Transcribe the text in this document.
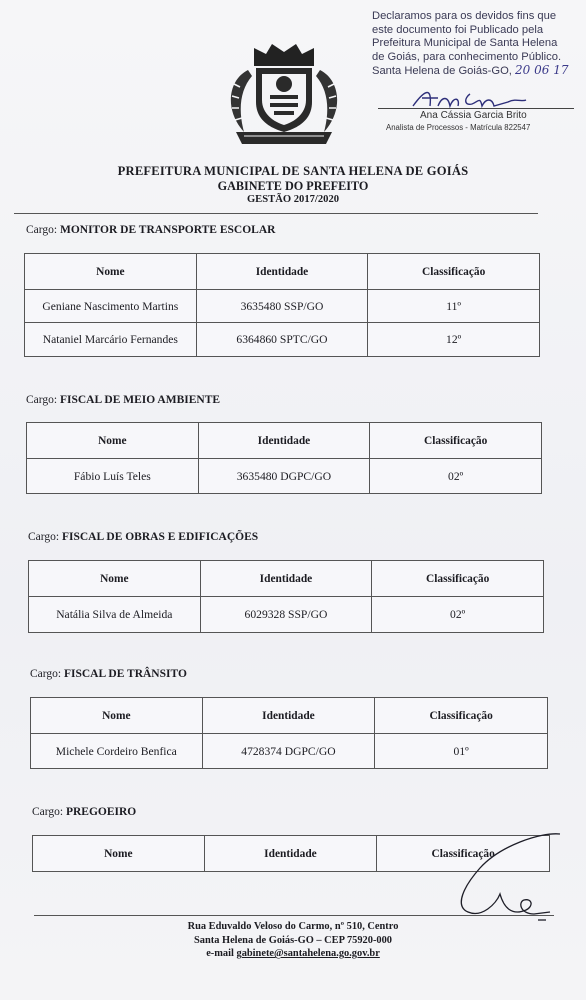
Declaramos para os devidos fins que
este documento foi Publicado pela
Prefeitura Municipal de Santa Helena
de Goiás, para conhecimento Público.
Santa Helena de Goiás-GO, 20 06 17
Ana Cássia Garcia Brito
Analista de Processos - Matrícula 822547
PREFEITURA MUNICIPAL DE SANTA HELENA DE GOIÁS
GABINETE DO PREFEITO
GESTÃO 2017/2020
Cargo: MONITOR DE TRANSPORTE ESCOLAR
Nome	Identidade	Classificação
Geniane Nascimento Martins	3635480 SSP/GO	11º
Nataniel Marcário Fernandes	6364860 SPTC/GO	12º
Cargo: FISCAL DE MEIO AMBIENTE
Nome	Identidade	Classificação
Fábio Luís Teles	3635480 DGPC/GO	02º
Cargo: FISCAL DE OBRAS E EDIFICAÇÕES
Nome	Identidade	Classificação
Natália Silva de Almeida	6029328 SSP/GO	02º
Cargo: FISCAL DE TRÂNSITO
Nome	Identidade	Classificação
Michele Cordeiro Benfica	4728374 DGPC/GO	01º
Cargo: PREGOEIRO
Nome	Identidade	Classificação
Rua Eduvaldo Veloso do Carmo, nº 510, Centro
Santa Helena de Goiás-GO – CEP 75920-000
e-mail gabinete@santahelena.go.gov.br
